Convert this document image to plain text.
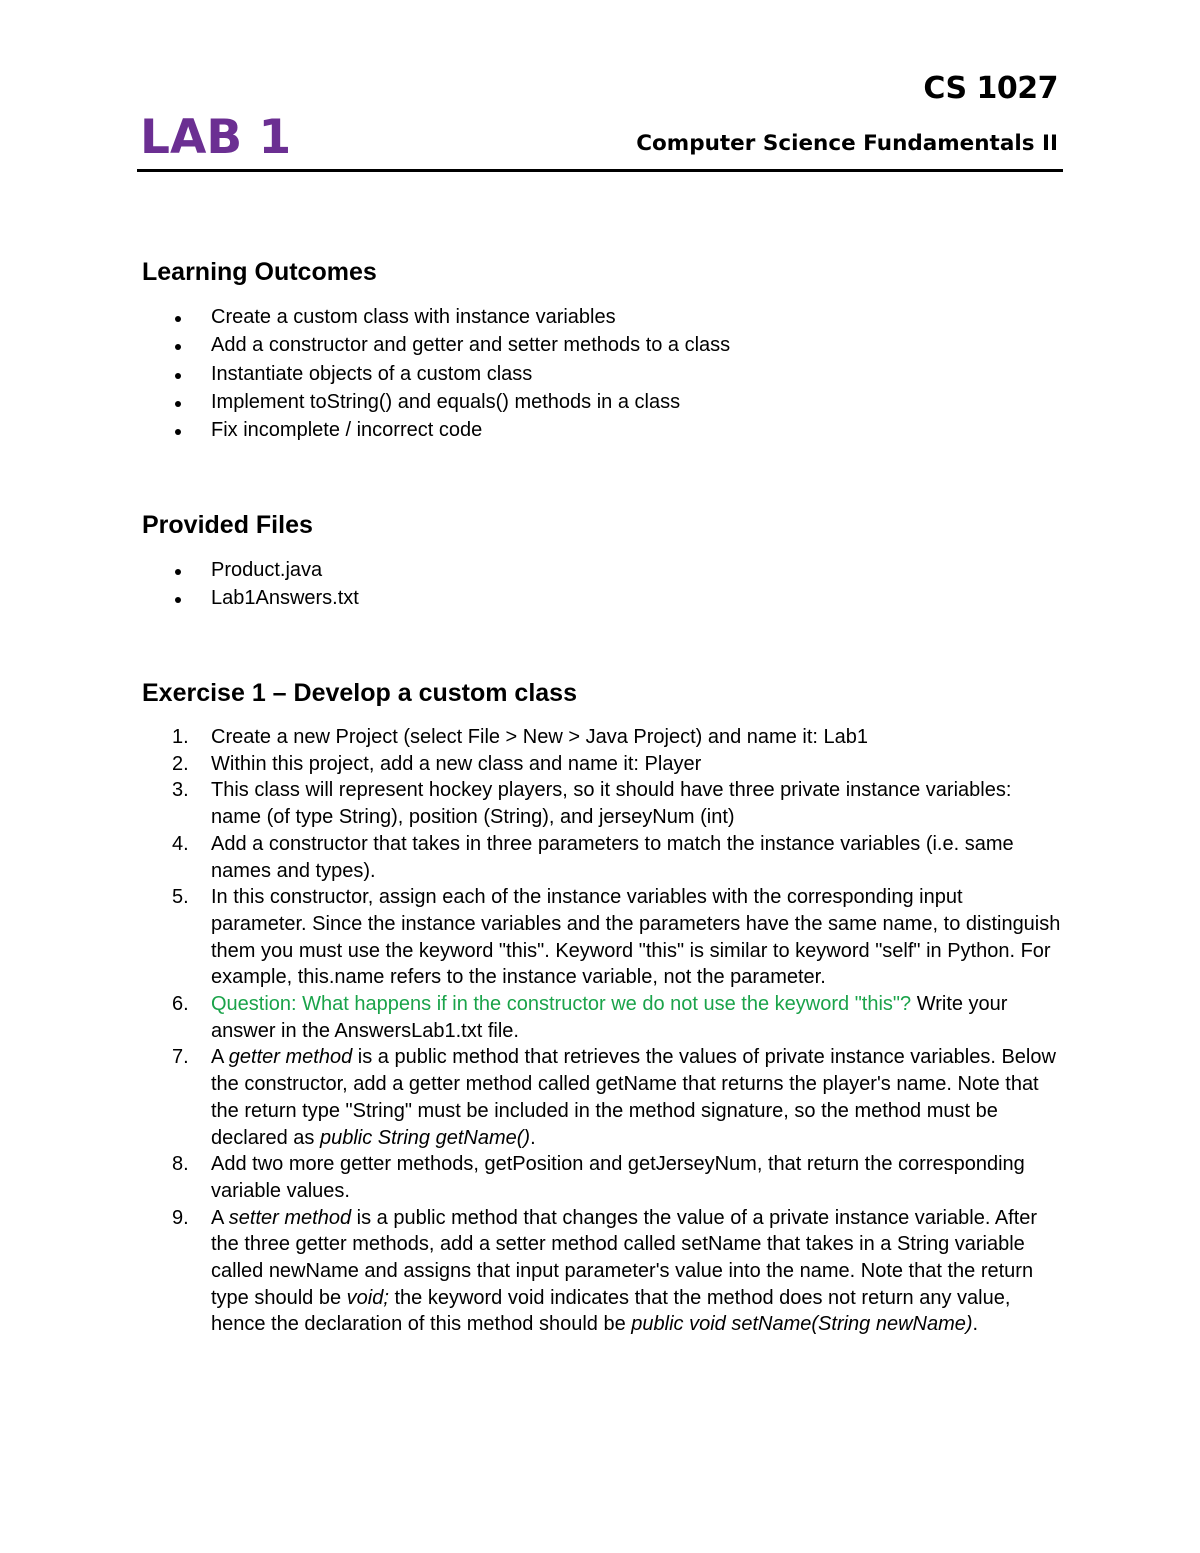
CS 1027
LAB 1	Computer Science Fundamentals II
Learning Outcomes
Create a custom class with instance variables
Add a constructor and getter and setter methods to a class
Instantiate objects of a custom class
Implement toString() and equals() methods in a class
Fix incomplete / incorrect code
Provided Files
Product.java
Lab1Answers.txt
Exercise 1 – Develop a custom class
1. Create a new Project (select File > New > Java Project) and name it: Lab1
2. Within this project, add a new class and name it: Player
3. This class will represent hockey players, so it should have three private instance variables: name (of type String), position (String), and jerseyNum (int)
4. Add a constructor that takes in three parameters to match the instance variables (i.e. same names and types).
5. In this constructor, assign each of the instance variables with the corresponding input parameter. Since the instance variables and the parameters have the same name, to distinguish them you must use the keyword "this". Keyword "this" is similar to keyword "self" in Python. For example, this.name refers to the instance variable, not the parameter.
6. Question: What happens if in the constructor we do not use the keyword "this"? Write your answer in the AnswersLab1.txt file.
7. A getter method is a public method that retrieves the values of private instance variables. Below the constructor, add a getter method called getName that returns the player's name. Note that the return type "String" must be included in the method signature, so the method must be declared as public String getName().
8. Add two more getter methods, getPosition and getJerseyNum, that return the corresponding variable values.
9. A setter method is a public method that changes the value of a private instance variable. After the three getter methods, add a setter method called setName that takes in a String variable called newName and assigns that input parameter's value into the name. Note that the return type should be void; the keyword void indicates that the method does not return any value, hence the declaration of this method should be public void setName(String newName).
